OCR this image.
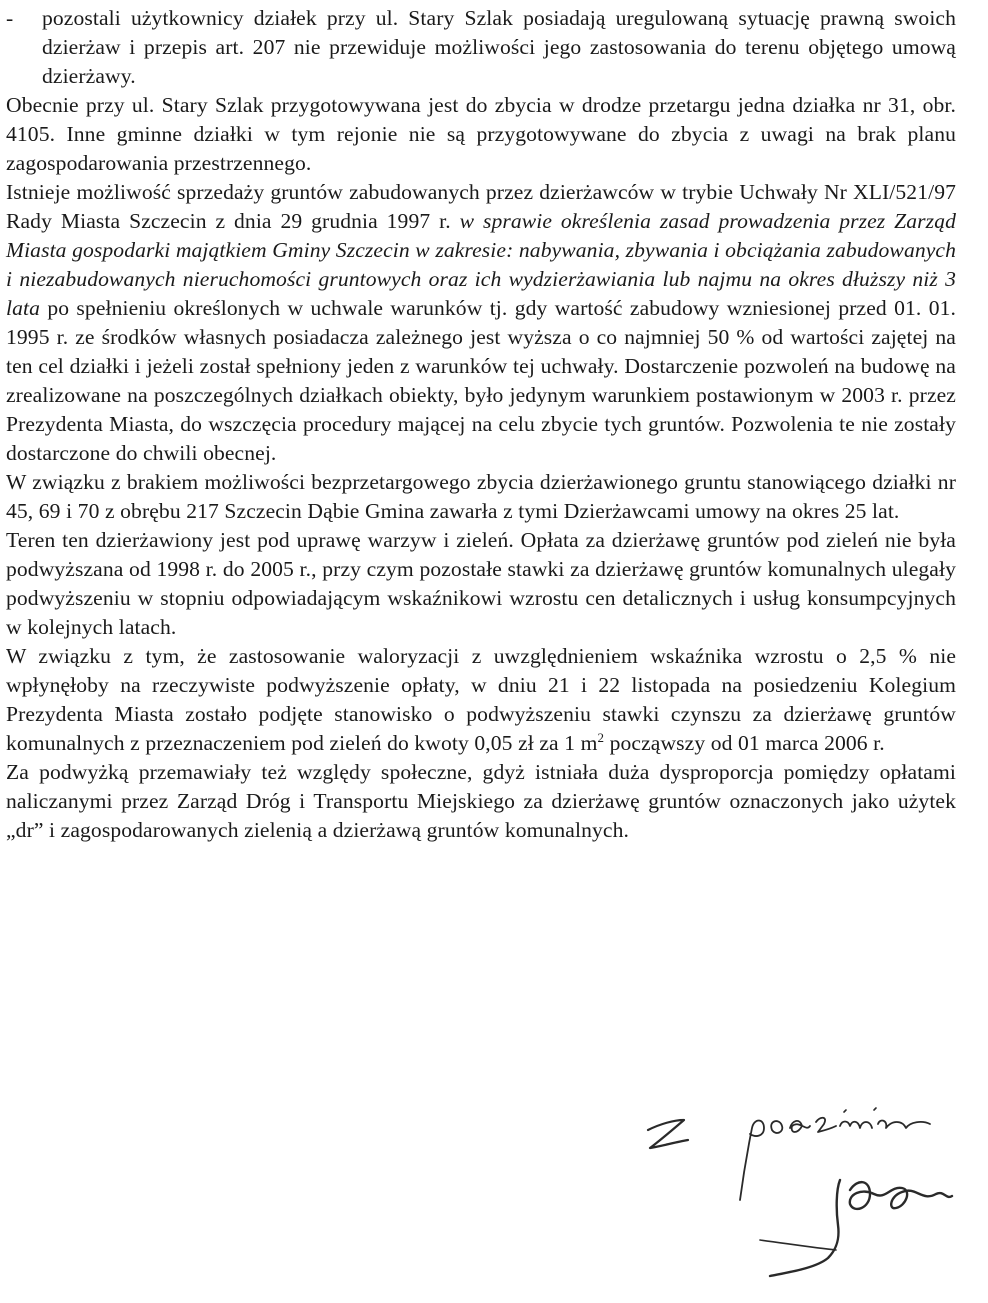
- pozostali użytkownicy działek przy ul. Stary Szlak posiadają uregulowaną sytuację prawną swoich dzierżaw i przepis art. 207 nie przewiduje możliwości jego zastosowania do terenu objętego umową dzierżawy.

Obecnie przy ul. Stary Szlak przygotowywana jest do zbycia w drodze przetargu jedna działka nr 31, obr. 4105. Inne gminne działki w tym rejonie nie są przygotowywane do zbycia z uwagi na brak planu zagospodarowania przestrzennego.

Istnieje możliwość sprzedaży gruntów zabudowanych przez dzierżawców w trybie Uchwały Nr XLI/521/97 Rady Miasta Szczecin z dnia 29 grudnia 1997 r. w sprawie określenia zasad prowadzenia przez Zarząd Miasta gospodarki majątkiem Gminy Szczecin w zakresie: nabywania, zbywania i obciążania zabudowanych i niezabudowanych nieruchomości gruntowych oraz ich wydzierżawiania lub najmu na okres dłuższy niż 3 lata po spełnieniu określonych w uchwale warunków tj. gdy wartość zabudowy wzniesionej przed 01. 01. 1995 r. ze środków własnych posiadacza zależnego jest wyższa o co najmniej 50 % od wartości zajętej na ten cel działki i jeżeli został spełniony jeden z warunków tej uchwały. Dostarczenie pozwoleń na budowę na zrealizowane na poszczególnych działkach obiekty, było jedynym warunkiem postawionym w 2003 r. przez Prezydenta Miasta, do wszczęcia procedury mającej na celu zbycie tych gruntów. Pozwolenia te nie zostały dostarczone do chwili obecnej.

W związku z brakiem możliwości bezprzetargowego zbycia dzierżawionego gruntu stanowiącego działki nr 45, 69 i 70 z obrębu 217 Szczecin Dąbie Gmina zawarła z tymi Dzierżawcami umowy na okres 25 lat.

Teren ten dzierżawiony jest pod uprawę warzyw i zieleń. Opłata za dzierżawę gruntów pod zieleń nie była podwyższana od 1998 r. do 2005 r., przy czym pozostałe stawki za dzierżawę gruntów komunalnych ulegały podwyższeniu w stopniu odpowiadającym wskaźnikowi wzrostu cen detalicznych i usług konsumpcyjnych w kolejnych latach.

W związku z tym, że zastosowanie waloryzacji z uwzględnieniem wskaźnika wzrostu o 2,5 % nie wpłynęłoby na rzeczywiste podwyższenie opłaty, w dniu 21 i 22 listopada na posiedzeniu Kolegium Prezydenta Miasta zostało podjęte stanowisko o podwyższeniu stawki czynszu za dzierżawę gruntów komunalnych z przeznaczeniem pod zieleń do kwoty 0,05 zł za 1 $m^2$ począwszy od 01 marca 2006 r.

Za podwyżką przemawiały też względy społeczne, gdyż istniała duża dysproporcja pomiędzy opłatami naliczanymi przez Zarząd Dróg i Transportu Miejskiego za dzierżawę gruntów oznaczonych jako użytek „dr” i zagospodarowanych zielenią a dzierżawą gruntów komunalnych.
